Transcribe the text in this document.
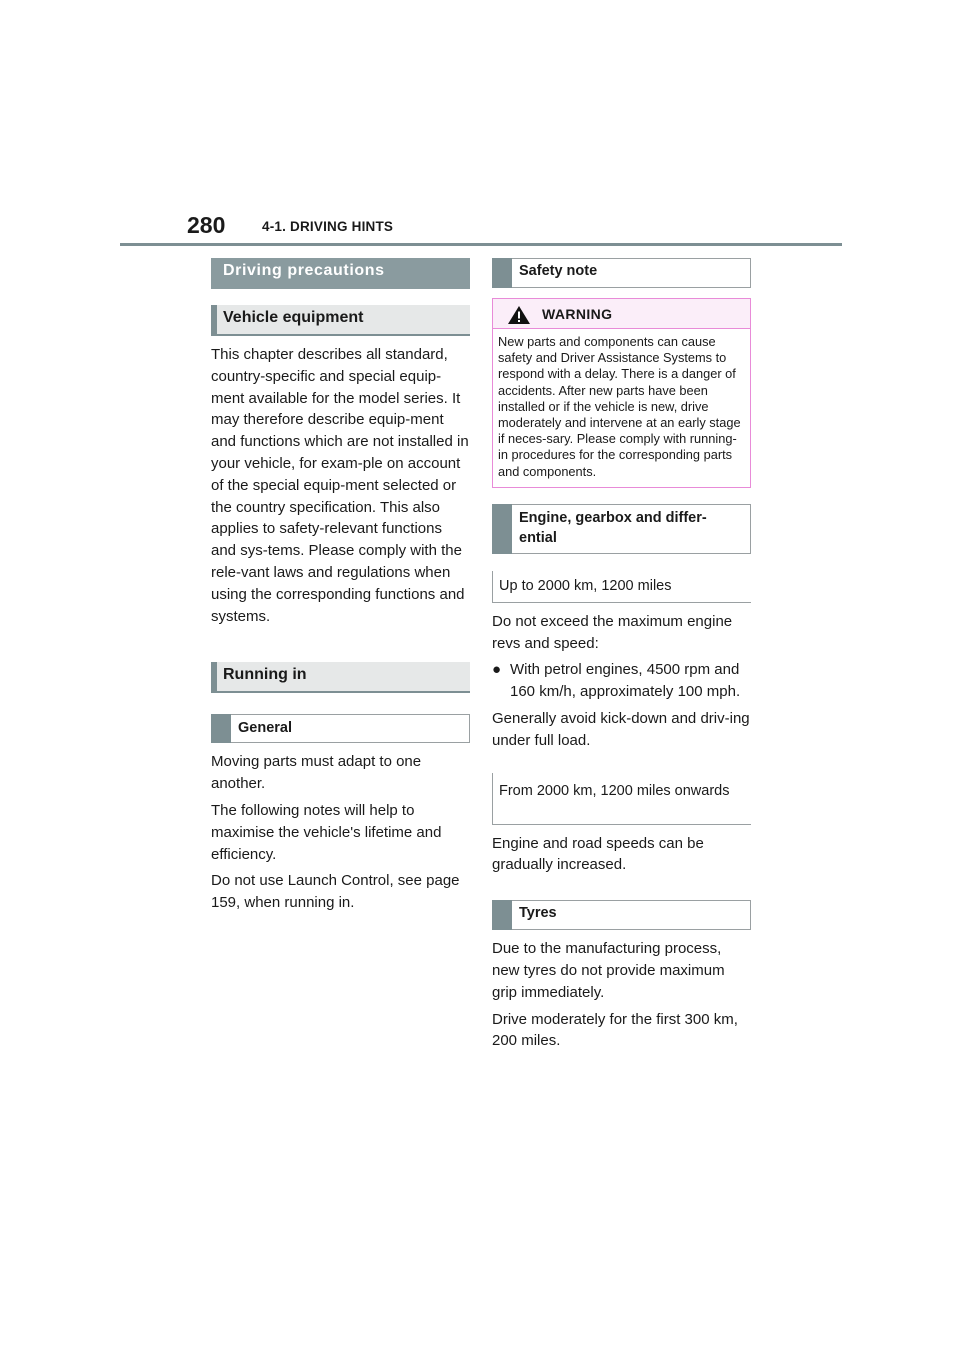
280	4-1. DRIVING HINTS
Driving precautions
Vehicle equipment
This chapter describes all standard, country-specific and special equip-ment available for the model series. It may therefore describe equip-ment and functions which are not installed in your vehicle, for exam-ple on account of the special equip-ment selected or the country specification. This also applies to safety-relevant functions and sys-tems. Please comply with the rele-vant laws and regulations when using the corresponding functions and systems.
Running in
General
Moving parts must adapt to one another.
The following notes will help to maximise the vehicle's lifetime and efficiency.
Do not use Launch Control, see page 159, when running in.
Safety note
WARNING
New parts and components can cause safety and Driver Assistance Systems to respond with a delay. There is a danger of accidents. After new parts have been installed or if the vehicle is new, drive moderately and intervene at an early stage if neces-sary. Please comply with running-in procedures for the corresponding parts and components.
Engine, gearbox and differ-ential
Up to 2000 km, 1200 miles
Do not exceed the maximum engine revs and speed:
● With petrol engines, 4500 rpm and 160 km/h, approximately 100 mph.
Generally avoid kick-down and driv-ing under full load.
From 2000 km, 1200 miles onwards
Engine and road speeds can be gradually increased.
Tyres
Due to the manufacturing process, new tyres do not provide maximum grip immediately.
Drive moderately for the first 300 km, 200 miles.
